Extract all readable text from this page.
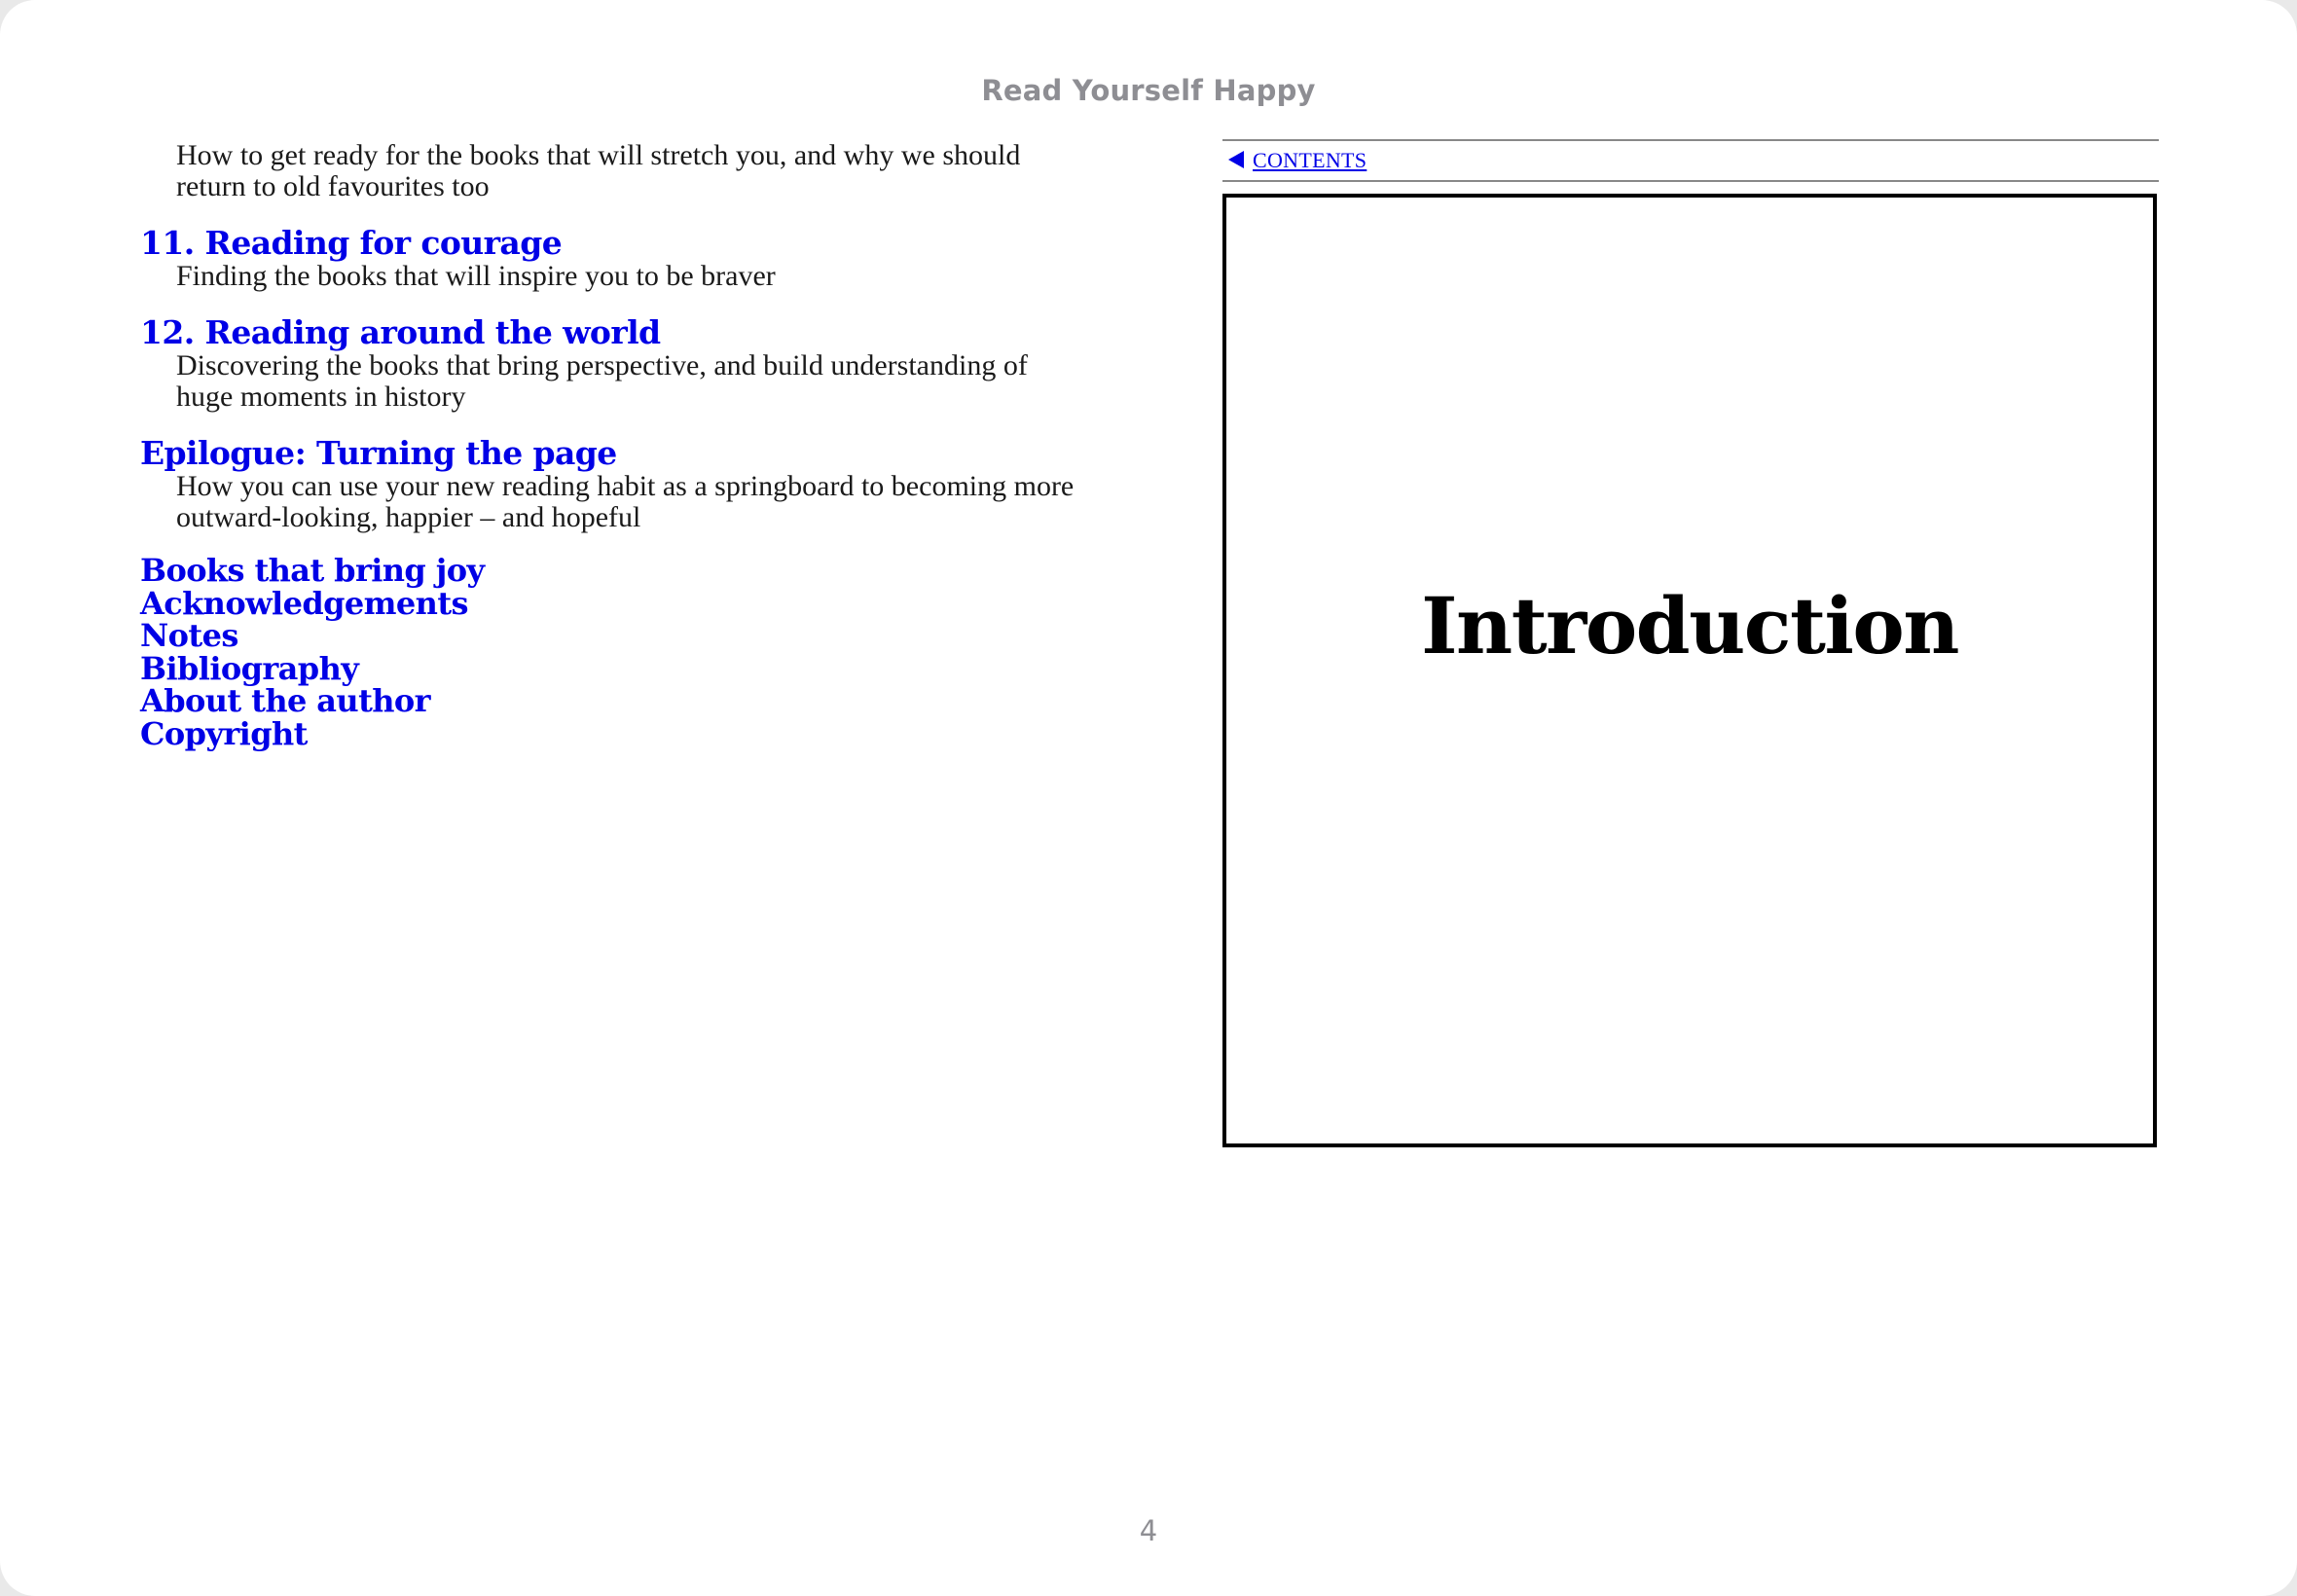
Read Yourself Happy

How to get ready for the books that will stretch you, and why we should return to old favourites too

11. Reading for courage

Finding the books that will inspire you to be braver

12. Reading around the world

Discovering the books that bring perspective, and build understanding of huge moments in history

Epilogue: Turning the page

How you can use your new reading habit as a springboard to becoming more outward-looking, happier – and hopeful

Books that bring joy
Acknowledgements
Notes
Bibliography
About the author
Copyright
CONTENTS
Introduction
4
